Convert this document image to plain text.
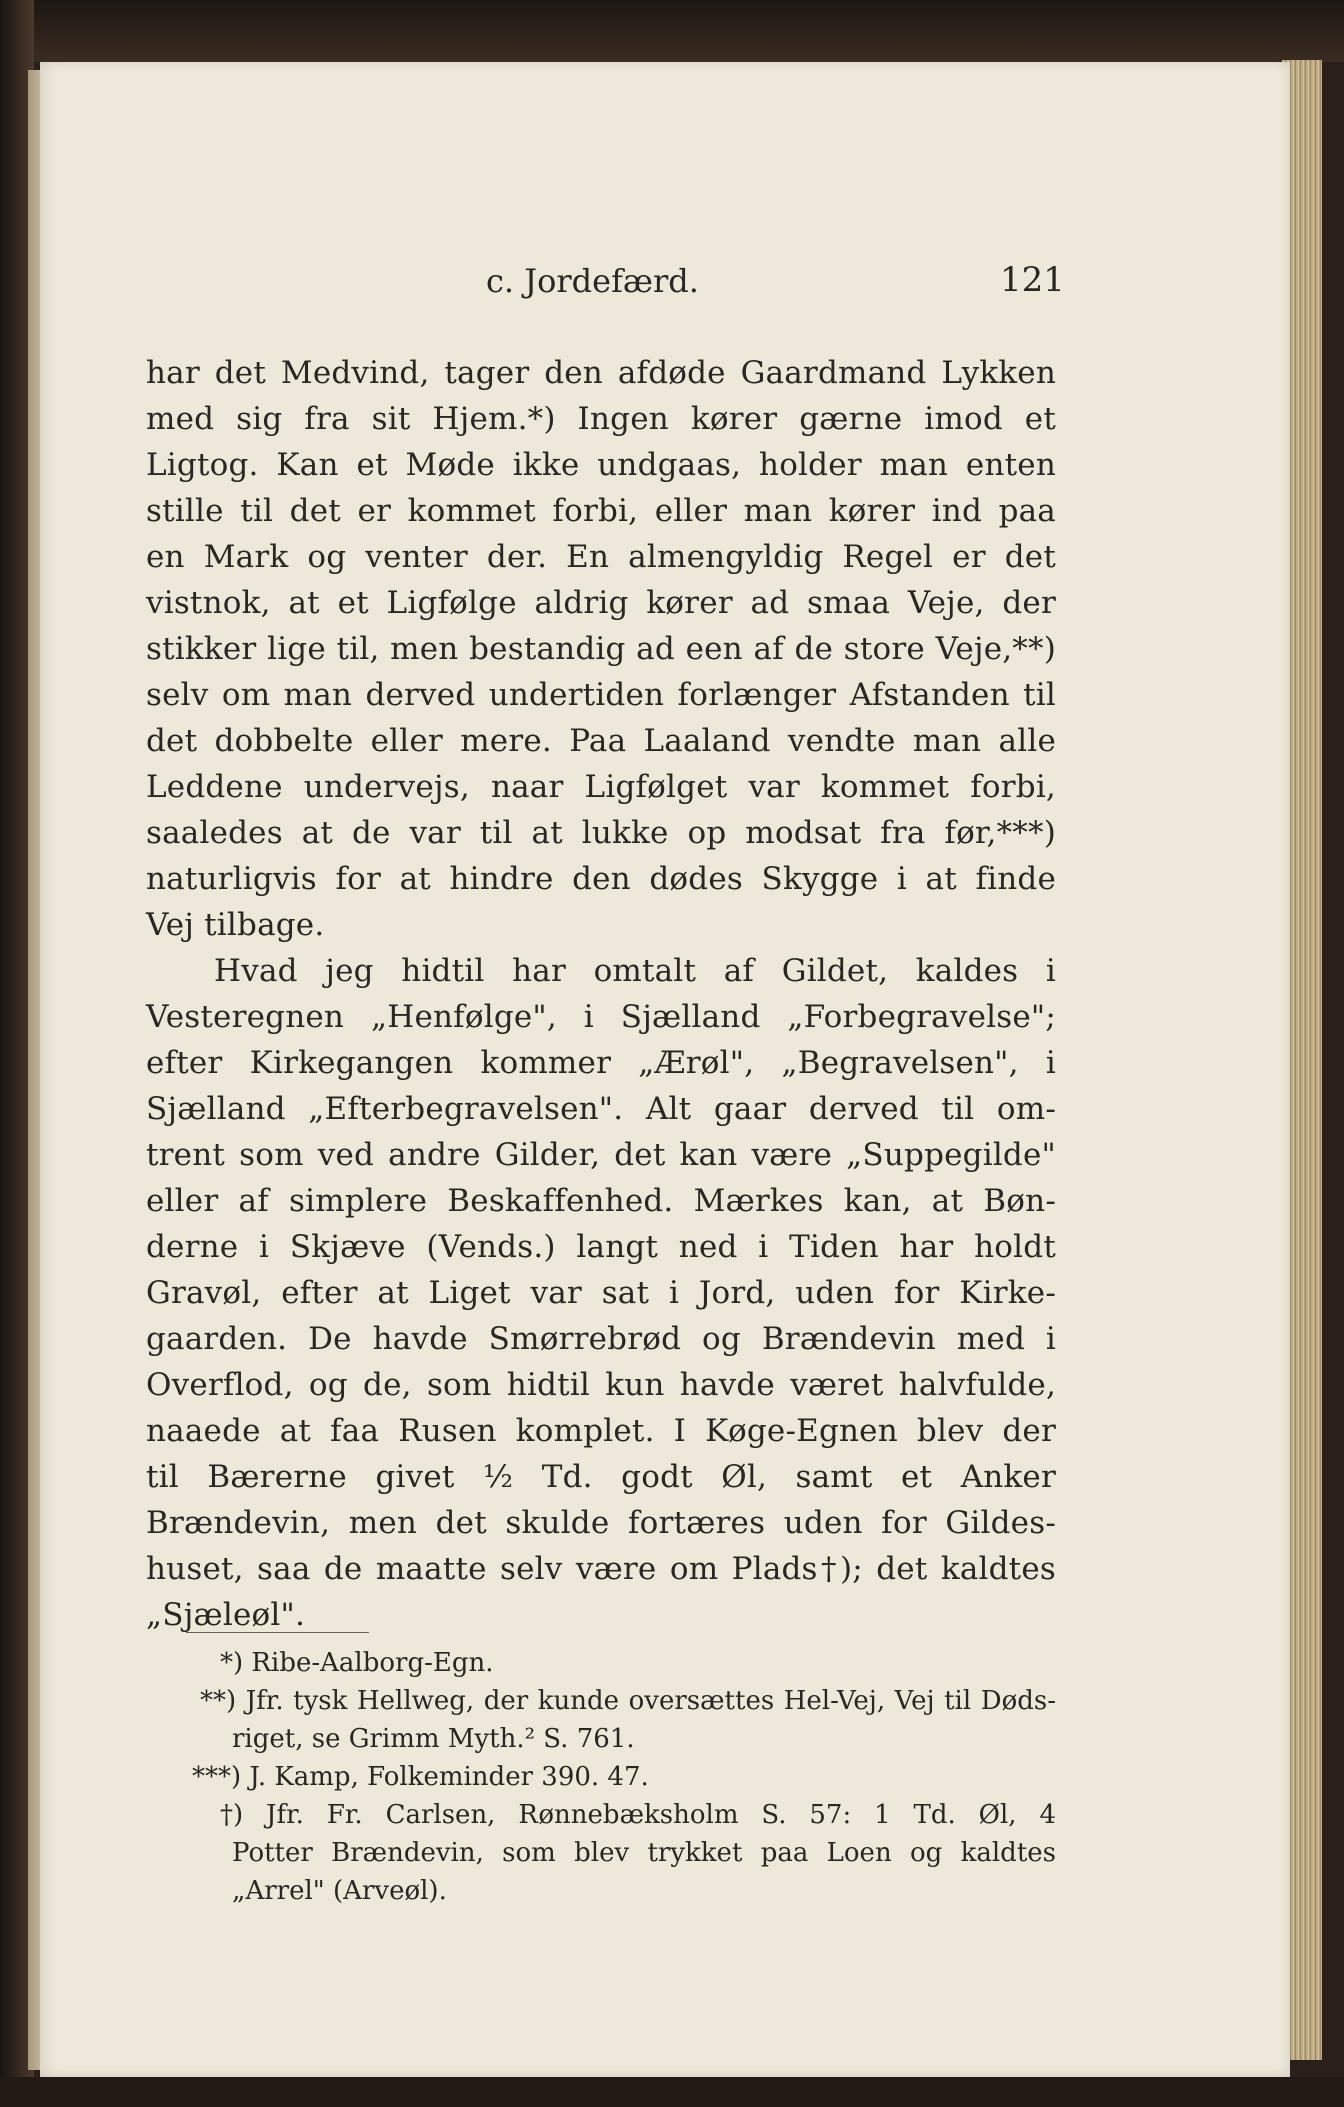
c. Jordefærd.	121
har det Medvind, tager den afdøde Gaardmand Lykken
med sig fra sit Hjem.*) Ingen kører gærne imod et
Ligtog. Kan et Møde ikke undgaas, holder man enten
stille til det er kommet forbi, eller man kører ind paa
en Mark og venter der. En almengyldig Regel er det
vistnok, at et Ligfølge aldrig kører ad smaa Veje, der
stikker lige til, men bestandig ad een af de store Veje,**)
selv om man derved undertiden forlænger Afstanden til
det dobbelte eller mere. Paa Laaland vendte man alle
Leddene undervejs, naar Ligfølget var kommet forbi,
saaledes at de var til at lukke op modsat fra før,***)
naturligvis for at hindre den dødes Skygge i at finde
Vej tilbage.
Hvad jeg hidtil har omtalt af Gildet, kaldes i
Vesteregnen „Henfølge", i Sjælland „Forbegravelse";
efter Kirkegangen kommer „Ærøl", „Begravelsen", i
Sjælland „Efterbegravelsen". Alt gaar derved til om-
trent som ved andre Gilder, det kan være „Suppegilde"
eller af simplere Beskaffenhed. Mærkes kan, at Bøn-
derne i Skjæve (Vends.) langt ned i Tiden har holdt
Gravøl, efter at Liget var sat i Jord, uden for Kirke-
gaarden. De havde Smørrebrød og Brændevin med i
Overflod, og de, som hidtil kun havde været halvfulde,
naaede at faa Rusen komplet. I Køge-Egnen blev der
til Bærerne givet ½ Td. godt Øl, samt et Anker
Brændevin, men det skulde fortæres uden for Gildes-
huset, saa de maatte selv være om Plads†); det kaldtes
„Sjæleøl".
*) Ribe-Aalborg-Egn.
**) Jfr. tysk Hellweg, der kunde oversættes Hel-Vej, Vej til Døds-
riget, se Grimm Myth.² S. 761.
***) J. Kamp, Folkeminder 390. 47.
†) Jfr. Fr. Carlsen, Rønnebæksholm S. 57: 1 Td. Øl, 4
Potter Brændevin, som blev trykket paa Loen og kaldtes
„Arrel" (Arveøl).
